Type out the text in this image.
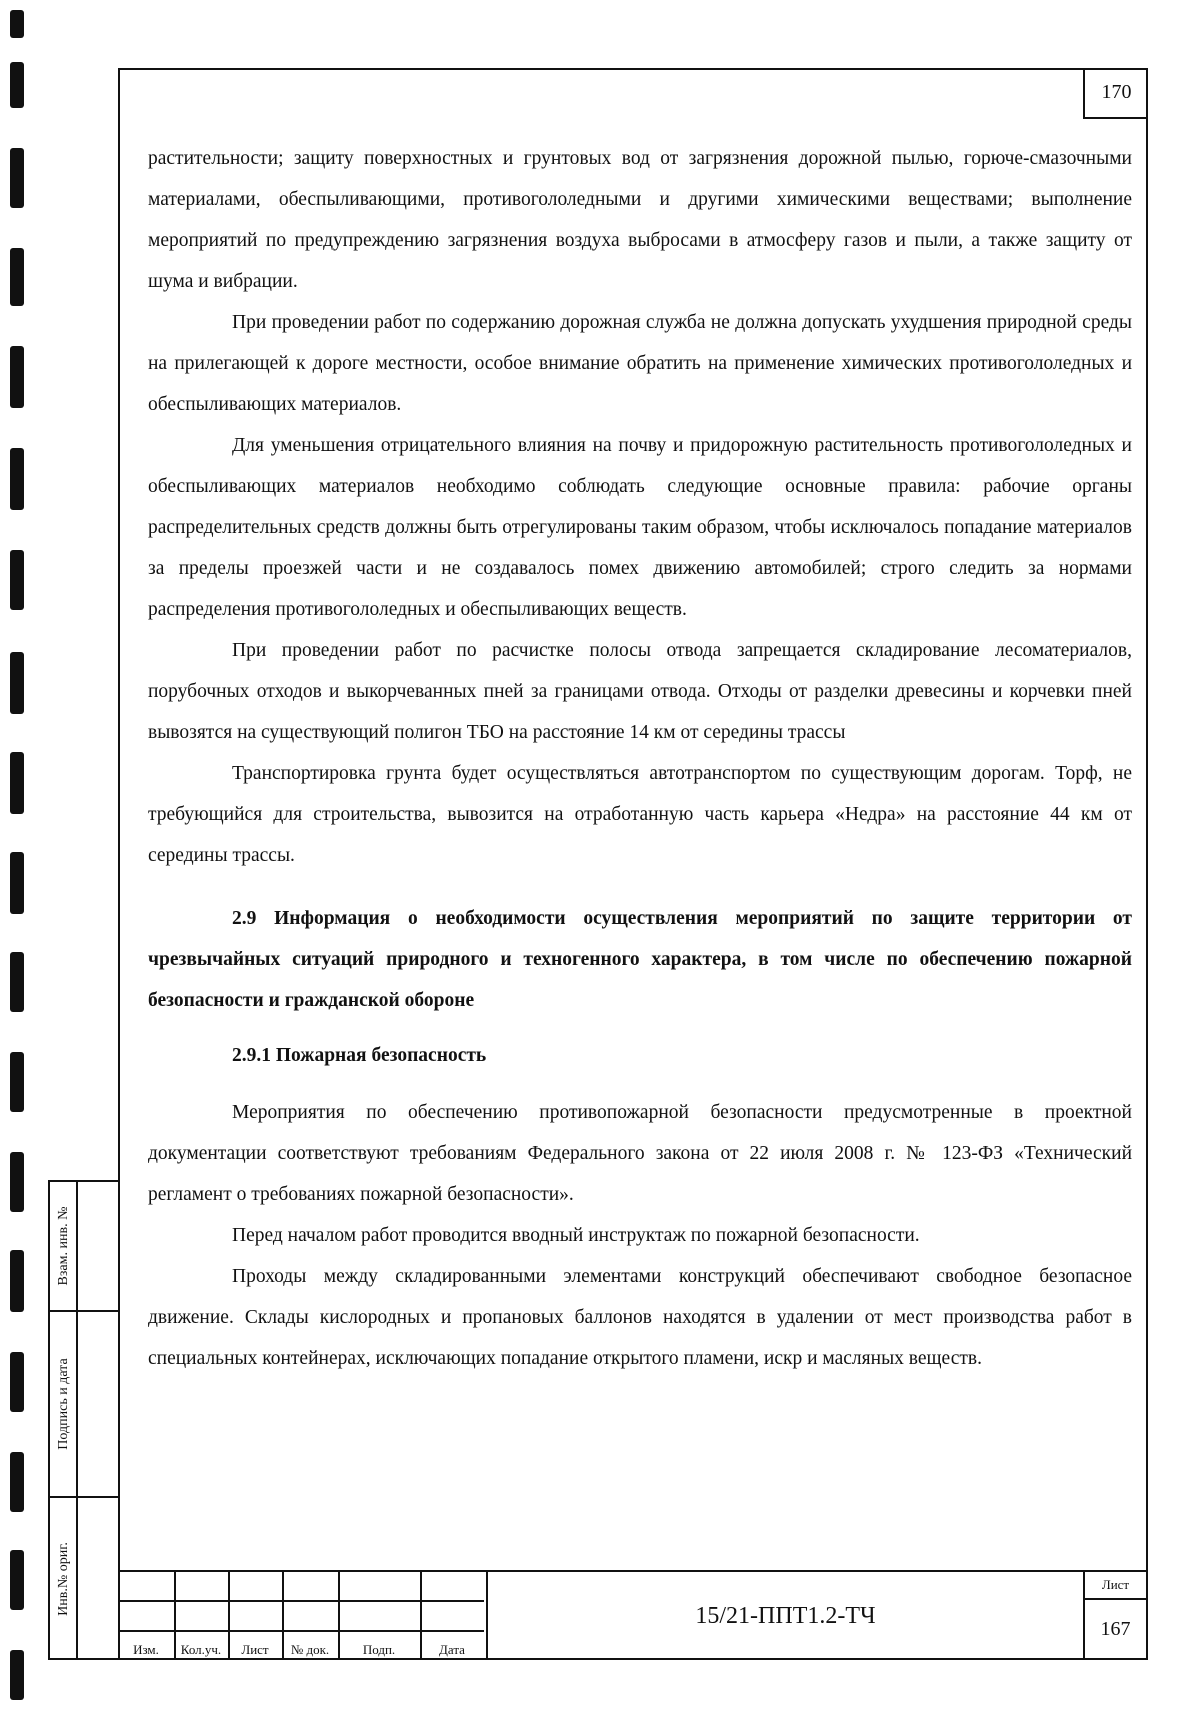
170

растительности; защиту поверхностных и грунтовых вод от загрязнения дорожной пылью, горюче-смазочными материалами, обеспыливающими, противогололедными и другими химическими веществами; выполнение мероприятий по предупреждению загрязнения воздуха выбросами в атмосферу газов и пыли, а также защиту от шума и вибрации.

При проведении работ по содержанию дорожная служба не должна допускать ухудшения природной среды на прилегающей к дороге местности, особое внимание обратить на применение химических противогололедных и обеспыливающих материалов.

Для уменьшения отрицательного влияния на почву и придорожную растительность противогололедных и обеспыливающих материалов необходимо соблюдать следующие основные правила: рабочие органы распределительных средств должны быть отрегулированы таким образом, чтобы исключалось попадание материалов за пределы проезжей части и не создавалось помех движению автомобилей; строго следить за нормами распределения противогололедных и обеспыливающих веществ.

При проведении работ по расчистке полосы отвода запрещается складирование лесоматериалов, порубочных отходов и выкорчеванных пней за границами отвода. Отходы от разделки древесины и корчевки пней вывозятся на существующий полигон ТБО на расстояние 14 км от середины трассы

Транспортировка грунта будет осуществляться автотранспортом по существующим дорогам. Торф, не требующийся для строительства, вывозится на отработанную часть карьера «Недра» на расстояние 44 км от середины трассы.

2.9 Информация о необходимости осуществления мероприятий по защите территории от чрезвычайных ситуаций природного и техногенного характера, в том числе по обеспечению пожарной безопасности и гражданской обороне
2.9.1 Пожарная безопасность

Мероприятия по обеспечению противопожарной безопасности предусмотренные в проектной документации соответствуют требованиям Федерального закона от 22 июля 2008 г. № 123-ФЗ «Технический регламент о требованиях пожарной безопасности».

Перед началом работ проводится вводный инструктаж по пожарной безопасности.

Проходы между складированными элементами конструкций обеспечивают свободное безопасное движение. Склады кислородных и пропановых баллонов находятся в удалении от мест производства работ в специальных контейнерах, исключающих попадание открытого пламени, искр и масляных веществ.

Взам. инв. №
Подпись и дата
Инв.№ ориг.
Изм.	Кол.уч.	Лист	№ док.	Подп.	Дата
15/21-ППТ1.2-ТЧ
Лист
167
